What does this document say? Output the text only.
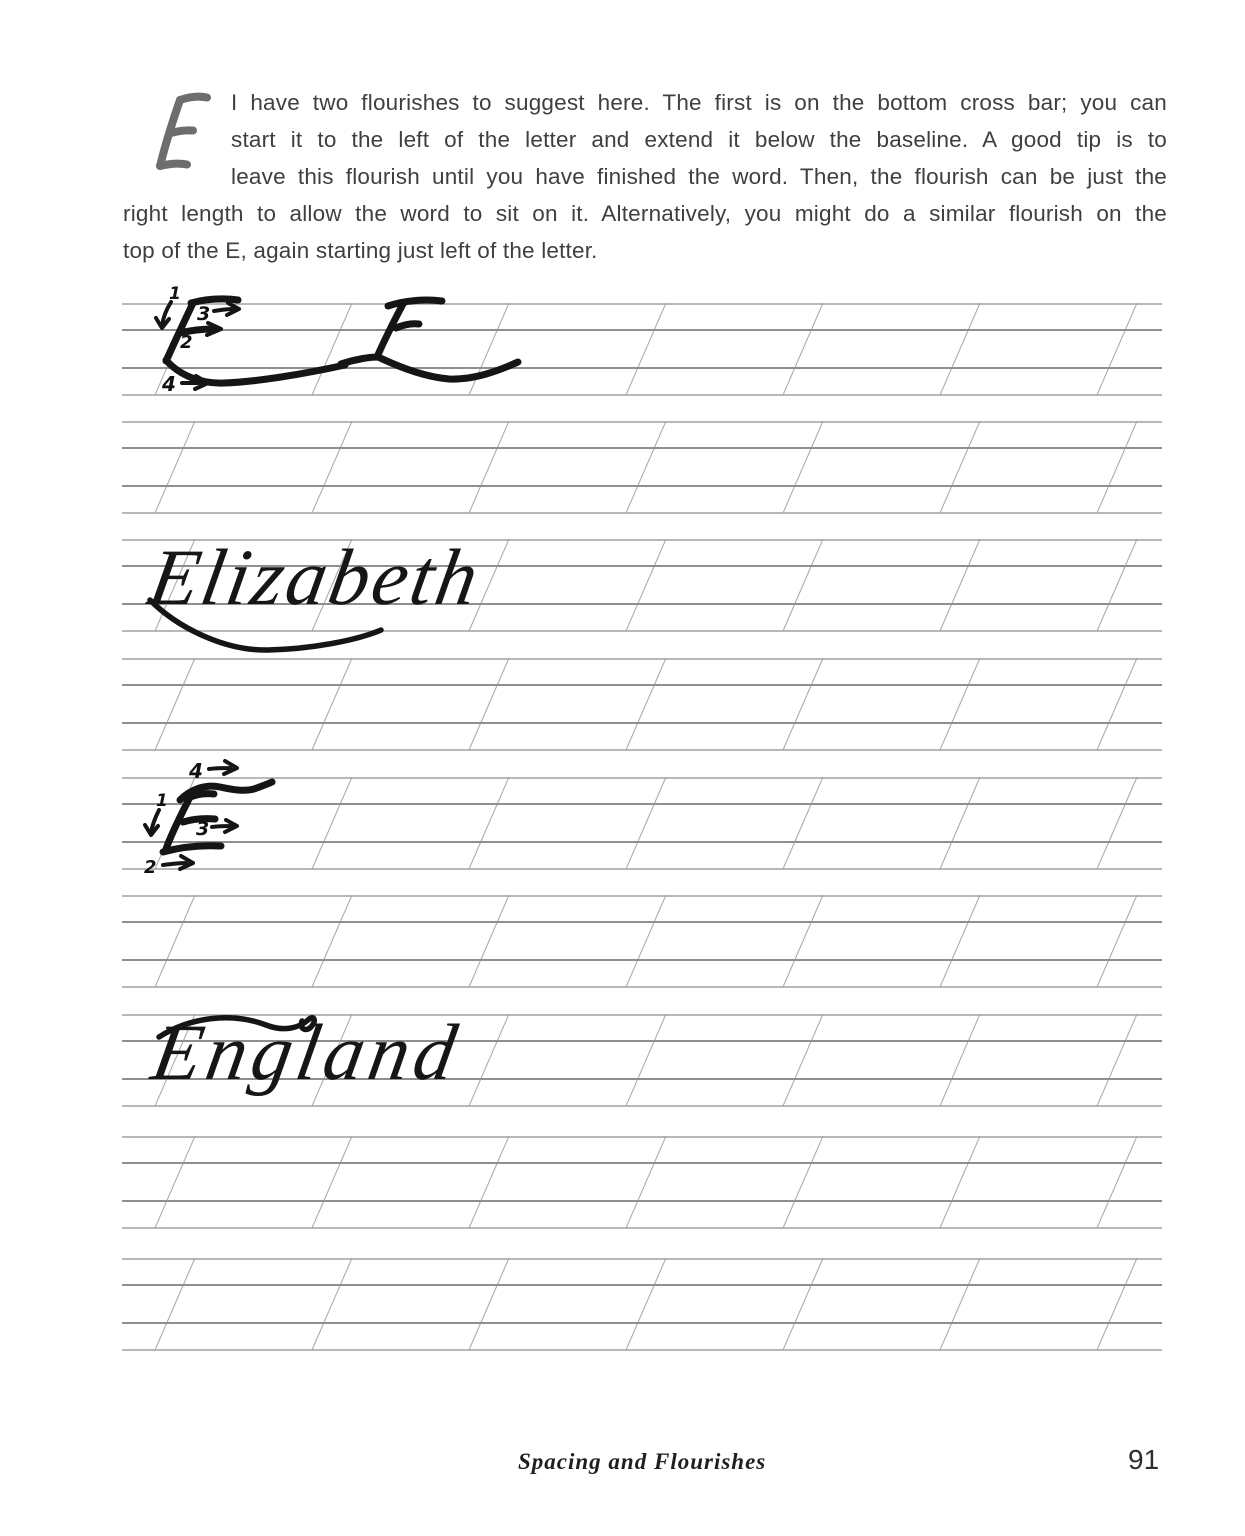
I have two flourishes to suggest here. The first is on the bottom cross bar; you can
start it to the left of the letter and extend it below the baseline. A good tip is to
leave this flourish until you have finished the word. Then, the flourish can be just the
right length to allow the word to sit on it. Alternatively, you might do a similar flourish on the
top of the E, again starting just left of the letter.
1
3
2
4
Elizabeth
4
1
3
2
England
Spacing and Flourishes	91
